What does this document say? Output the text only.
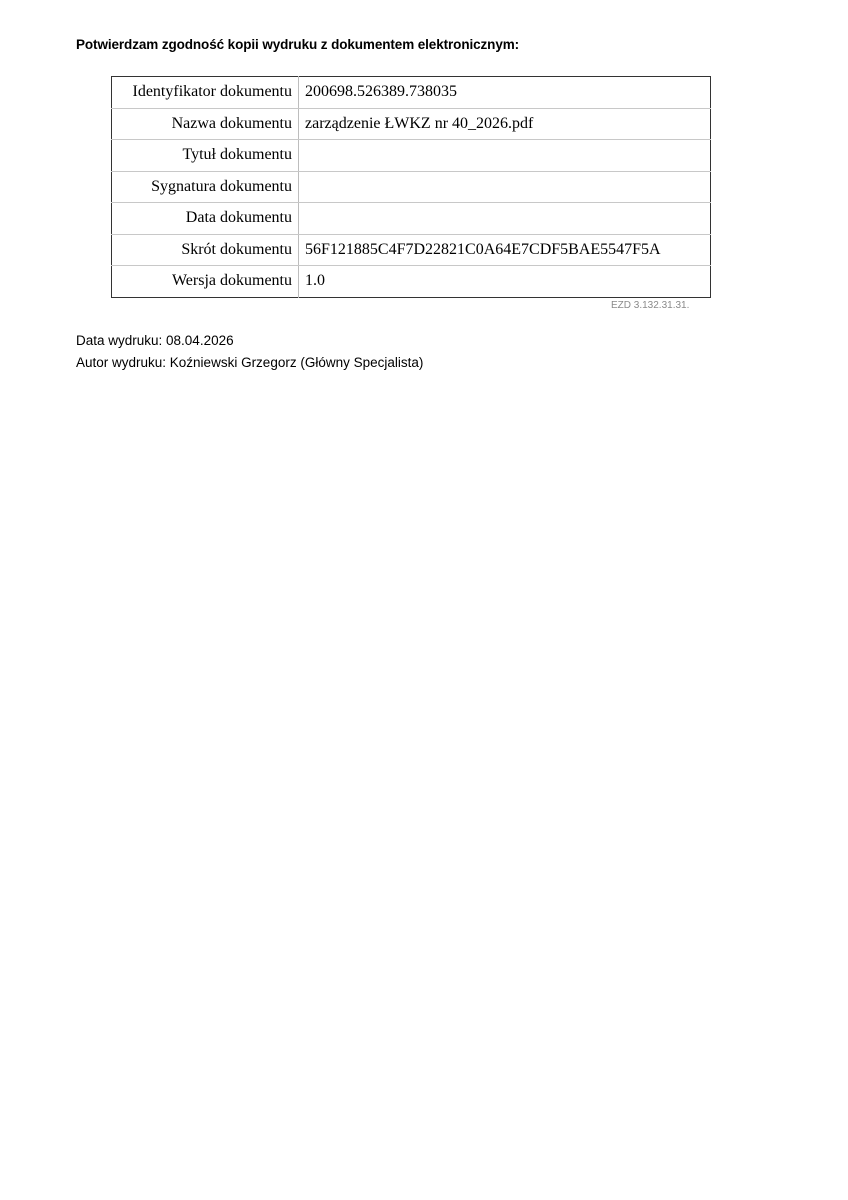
Potwierdzam zgodność kopii wydruku z dokumentem elektronicznym:
Identyfikator dokumentu	200698.526389.738035
Nazwa dokumentu	zarządzenie ŁWKZ nr 40_2026.pdf
Tytuł dokumentu	
Sygnatura dokumentu	
Data dokumentu	
Skrót dokumentu	56F121885C4F7D22821C0A64E7CDF5BAE5547F5A
Wersja dokumentu	1.0
EZD 3.132.31.31.
Data wydruku: 08.04.2026
Autor wydruku: Koźniewski Grzegorz (Główny Specjalista)
